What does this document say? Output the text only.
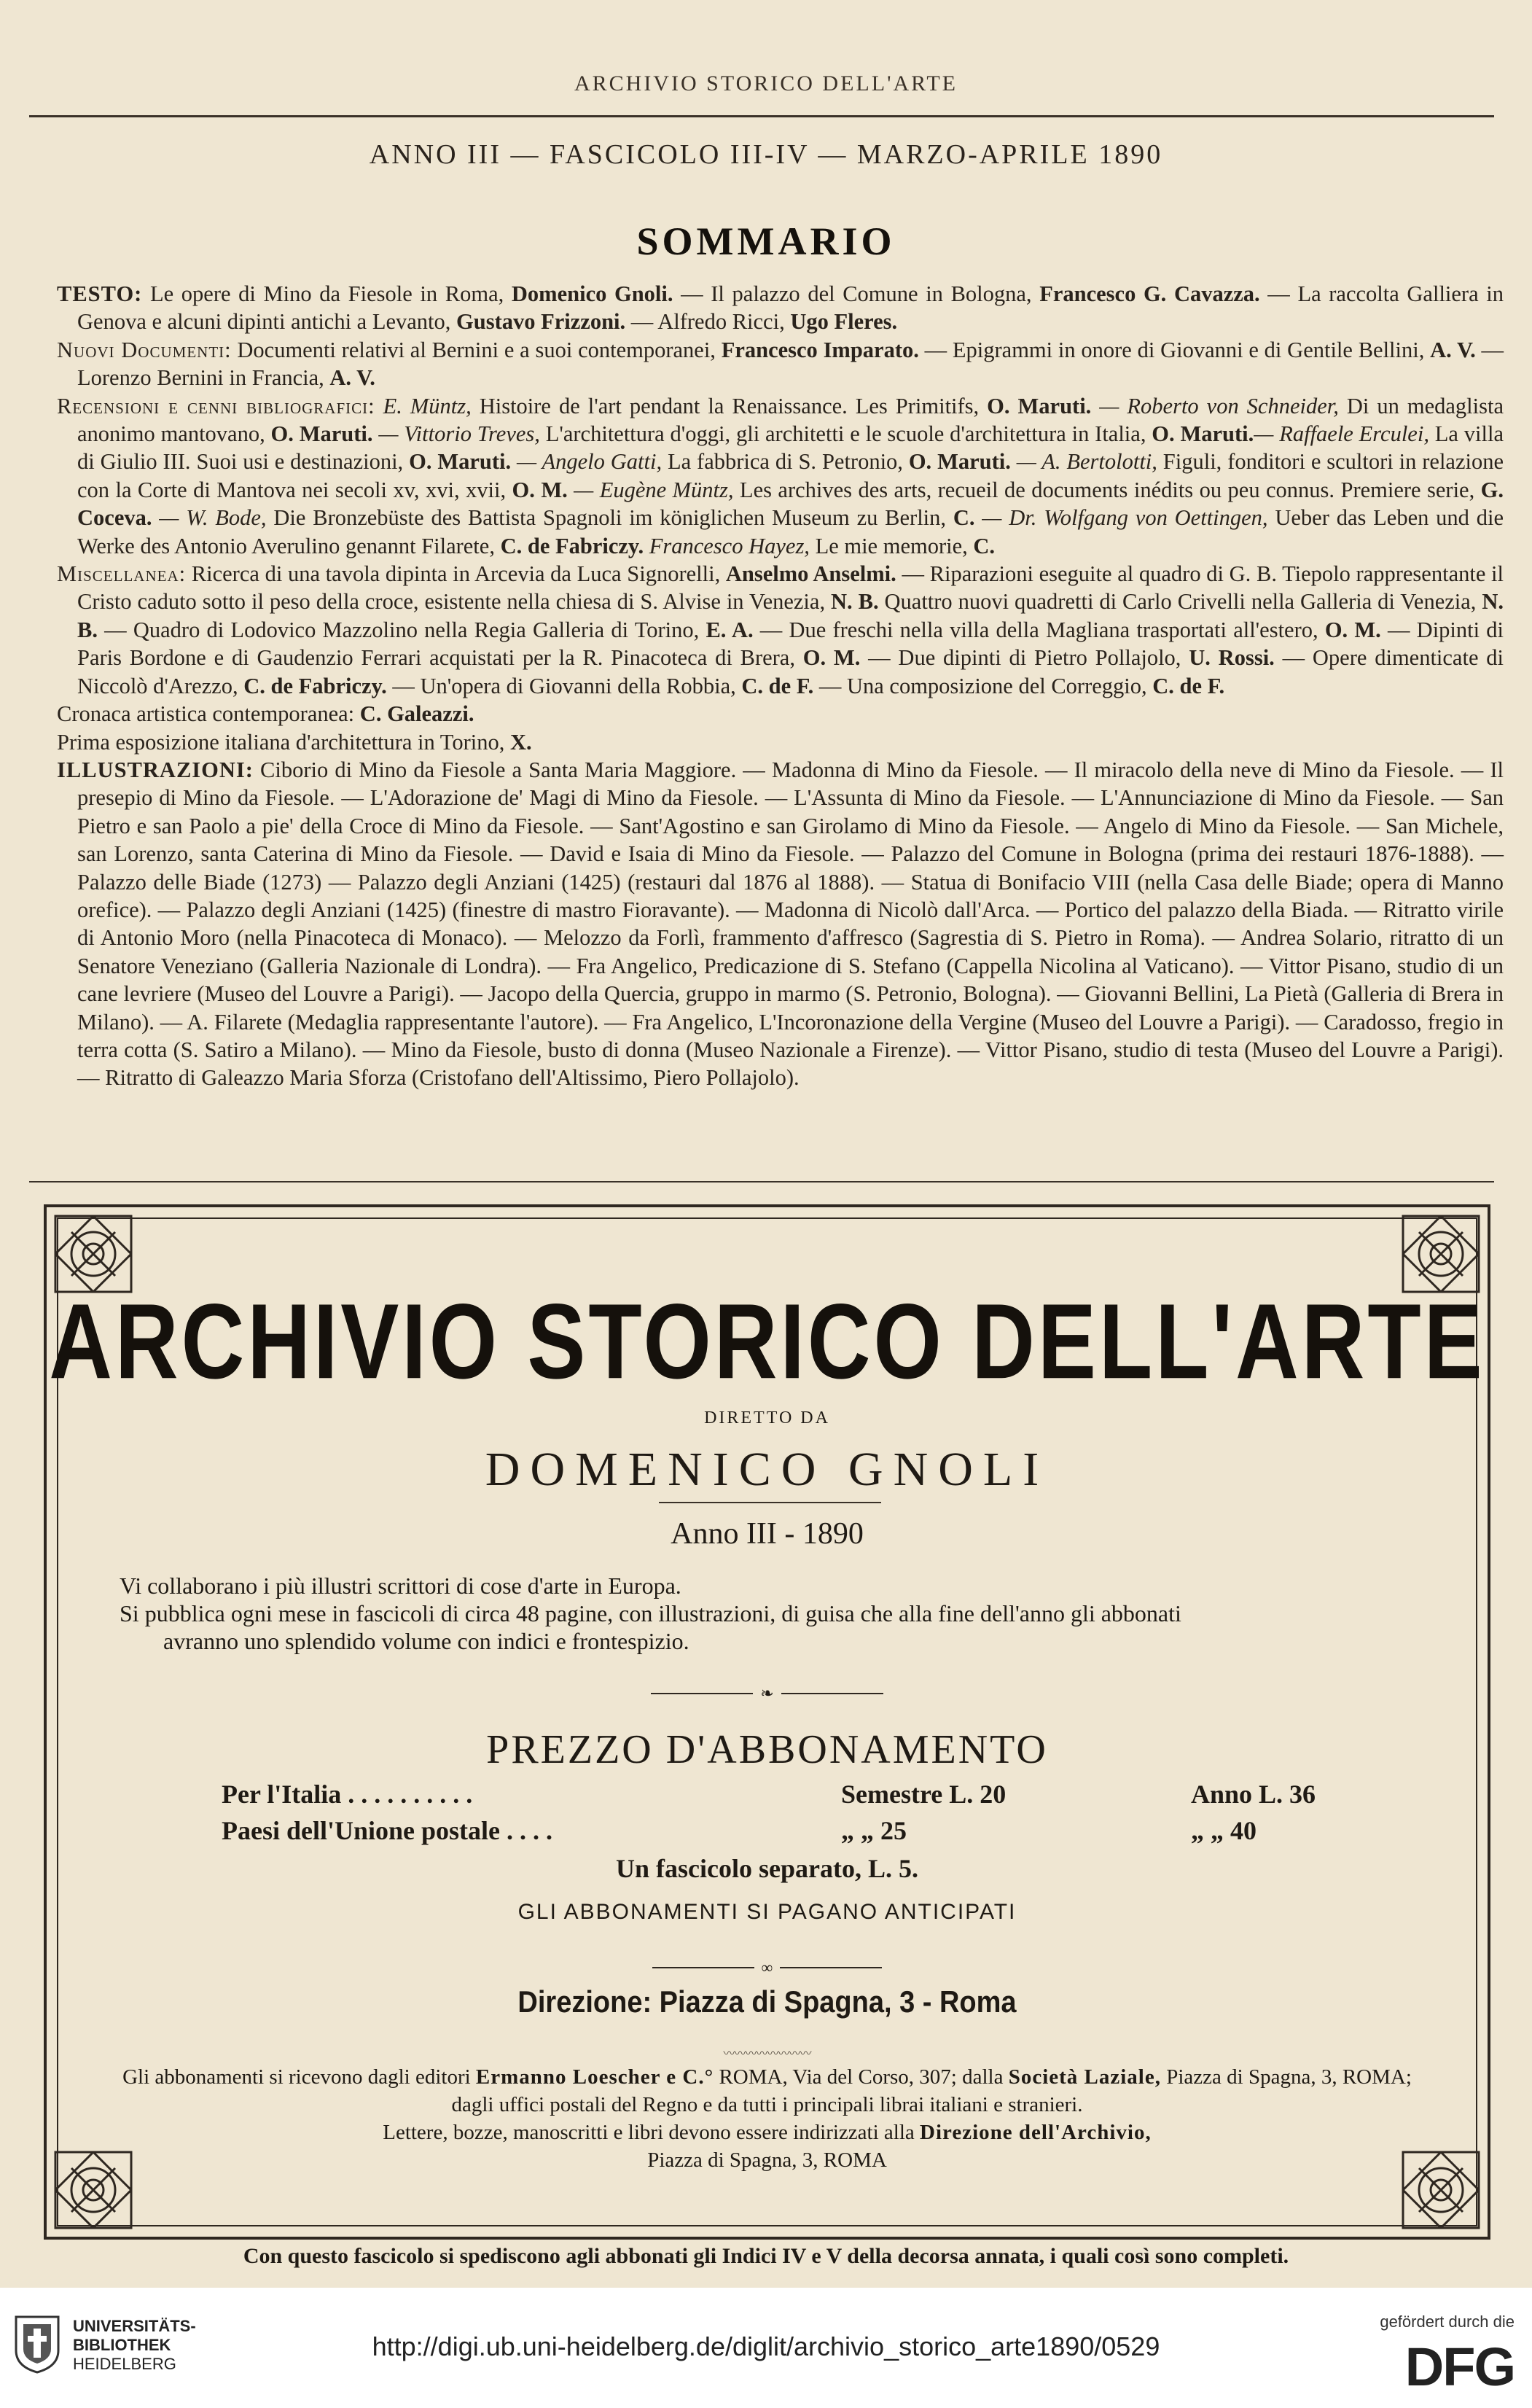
ARCHIVIO STORICO DELL'ARTE
ANNO III — FASCICOLO III-IV — MARZO-APRILE 1890
SOMMARIO

TESTO: Le opere di Mino da Fiesole in Roma, Domenico Gnoli. — Il palazzo del Comune in Bologna, Francesco G. Cavazza. — La raccolta Galliera in Genova e alcuni dipinti antichi a Levanto, Gustavo Frizzoni. — Alfredo Ricci, Ugo Fleres.

Nuovi Documenti: Documenti relativi al Bernini e a suoi contemporanei, Francesco Imparato. — Epigrammi in onore di Giovanni e di Gentile Bellini, A. V. — Lorenzo Bernini in Francia, A. V.

Recensioni e cenni bibliografici: E. Müntz, Histoire de l'art pendant la Renaissance. Les Primitifs, O. Maruti. — Roberto von Schneider, Di un medaglista anonimo mantovano, O. Maruti. — Vittorio Treves, L'architettura d'oggi, gli architetti e le scuole d'architettura in Italia, O. Maruti.— Raffaele Erculei, La villa di Giulio III. Suoi usi e destinazioni, O. Maruti. — Angelo Gatti, La fabbrica di S. Petronio, O. Maruti. — A. Bertolotti, Figuli, fonditori e scultori in relazione con la Corte di Mantova nei secoli xv, xvi, xvii, O. M. — Eugène Müntz, Les archives des arts, recueil de documents inédits ou peu connus. Premiere serie, G. Coceva. — W. Bode, Die Bronzebüste des Battista Spagnoli im königlichen Museum zu Berlin, C. — Dr. Wolfgang von Oettingen, Ueber das Leben und die Werke des Antonio Averulino genannt Filarete, C. de Fabriczy. Francesco Hayez, Le mie memorie, C.

Miscellanea: Ricerca di una tavola dipinta in Arcevia da Luca Signorelli, Anselmo Anselmi. — Riparazioni eseguite al quadro di G. B. Tiepolo rappresentante il Cristo caduto sotto il peso della croce, esistente nella chiesa di S. Alvise in Venezia, N. B. Quattro nuovi quadretti di Carlo Crivelli nella Galleria di Venezia, N. B. — Quadro di Lodovico Mazzolino nella Regia Galleria di Torino, E. A. — Due freschi nella villa della Magliana trasportati all'estero, O. M. — Dipinti di Paris Bordone e di Gaudenzio Ferrari acquistati per la R. Pinacoteca di Brera, O. M. — Due dipinti di Pietro Pollajolo, U. Rossi. — Opere dimenticate di Niccolò d'Arezzo, C. de Fabriczy. — Un'opera di Giovanni della Robbia, C. de F. — Una composizione del Correggio, C. de F.

Cronaca artistica contemporanea: C. Galeazzi.

Prima esposizione italiana d'architettura in Torino, X.

ILLUSTRAZIONI: Ciborio di Mino da Fiesole a Santa Maria Maggiore. — Madonna di Mino da Fiesole. — Il miracolo della neve di Mino da Fiesole. — Il presepio di Mino da Fiesole. — L'Adorazione de' Magi di Mino da Fiesole. — L'Assunta di Mino da Fiesole. — L'Annunciazione di Mino da Fiesole. — San Pietro e san Paolo a pie' della Croce di Mino da Fiesole. — Sant'Agostino e san Girolamo di Mino da Fiesole. — Angelo di Mino da Fiesole. — San Michele, san Lorenzo, santa Caterina di Mino da Fiesole. — David e Isaia di Mino da Fiesole. — Palazzo del Comune in Bologna (prima dei restauri 1876-1888). — Palazzo delle Biade (1273) — Palazzo degli Anziani (1425) (restauri dal 1876 al 1888). — Statua di Bonifacio VIII (nella Casa delle Biade; opera di Manno orefice). — Palazzo degli Anziani (1425) (finestre di mastro Fioravante). — Madonna di Nicolò dall'Arca. — Portico del palazzo della Biada. — Ritratto virile di Antonio Moro (nella Pinacoteca di Monaco). — Melozzo da Forlì, frammento d'affresco (Sagrestia di S. Pietro in Roma). — Andrea Solario, ritratto di un Senatore Veneziano (Galleria Nazionale di Londra). — Fra Angelico, Predicazione di S. Stefano (Cappella Nicolina al Vaticano). — Vittor Pisano, studio di un cane levriere (Museo del Louvre a Parigi). — Jacopo della Quercia, gruppo in marmo (S. Petronio, Bologna). — Giovanni Bellini, La Pietà (Galleria di Brera in Milano). — A. Filarete (Medaglia rappresentante l'autore). — Fra Angelico, L'Incoronazione della Vergine (Museo del Louvre a Parigi). — Caradosso, fregio in terra cotta (S. Satiro a Milano). — Mino da Fiesole, busto di donna (Museo Nazionale a Firenze). — Vittor Pisano, studio di testa (Museo del Louvre a Parigi). — Ritratto di Galeazzo Maria Sforza (Cristofano dell'Altissimo, Piero Pollajolo).

ARCHIVIO STORICO DELL'ARTE
DIRETTO DA
DOMENICO GNOLI
Anno III - 1890

Vi collaborano i più illustri scrittori di cose d'arte in Europa.

Si pubblica ogni mese in fascicoli di circa 48 pagine, con illustrazioni, di guisa che alla fine dell'anno gli abbonati

avranno uno splendido volume con indici e frontespizio.

❧
PREZZO D'ABBONAMENTO
Per l'Italia . . . . . . . . . .	Semestre L. 20	Anno L. 36
Paesi dell'Unione postale . . . .	„ „ 25	„ „ 40
Un fascicolo separato, L. 5.
GLI ABBONAMENTI SI PAGANO ANTICIPATI
∞
Direzione: Piazza di Spagna, 3 - Roma
〰〰〰〰〰〰〰〰

Gli abbonamenti si ricevono dagli editori Ermanno Loescher e C.° ROMA, Via del Corso, 307; dalla Società Laziale, Piazza di Spagna, 3, ROMA; dagli uffici postali del Regno e da tutti i principali librai italiani e stranieri.

Lettere, bozze, manoscritti e libri devono essere indirizzati alla Direzione dell'Archivio,

Piazza di Spagna, 3, ROMA

Con questo fascicolo si spediscono agli abbonati gli Indici IV e V della decorsa annata, i quali così sono completi.
UNIVERSITÄTS-
BIBLIOTHEK
HEIDELBERG
http://digi.ub.uni-heidelberg.de/diglit/archivio_storico_arte1890/0529
gefördert durch die
DFG
